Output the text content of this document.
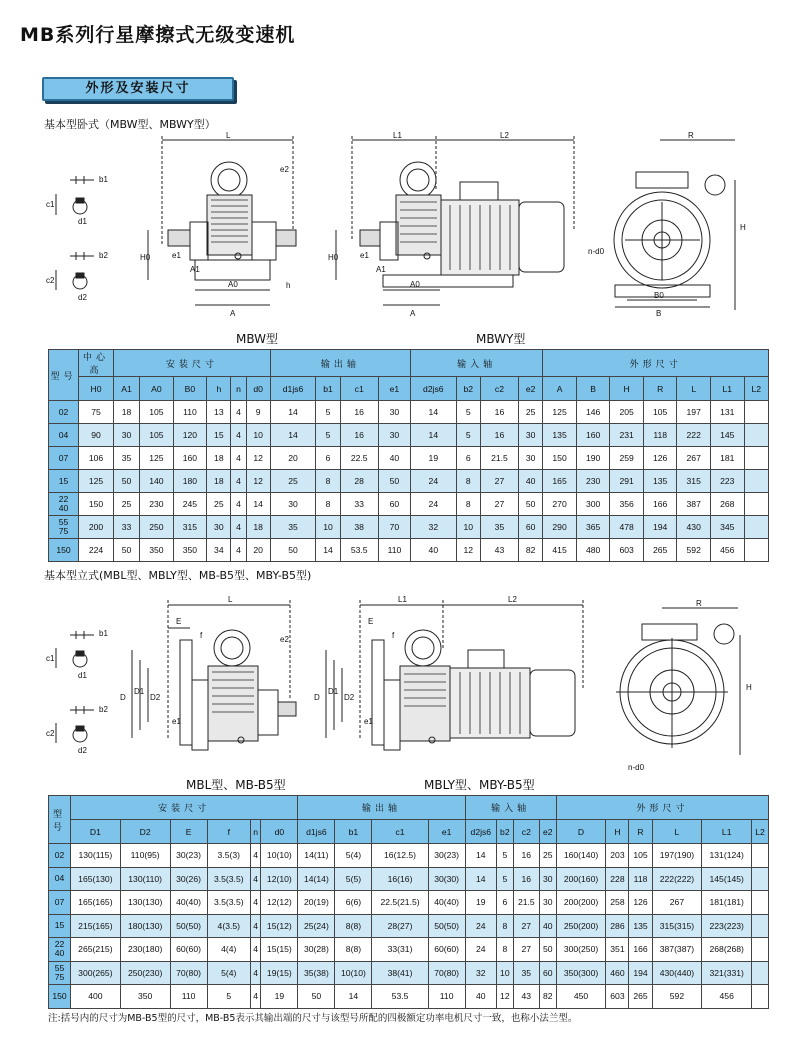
MB系列行星摩擦式无级变速机
外形及安装尺寸
基本型卧式（MBW型、MBWY型）
b1
c1
d1
b2
c2
d2
L
e2
H0	e1
A1
h
A0
A
L1	L2
H0	e1
A1
A0
A
R
H
n-d0
B0
B
MBW型	MBWY型
型号	中心高	安装尺寸						输出轴				输入轴				外形尺寸						
	H0	A1	A0	B0	h	n	d0	d1js6	b1	c1	e1	d2js6	b2	c2	e2	A	B	H	R	L	L1	L2
02	75	18	105	110	13	4	9	14	5	16	30	14	5	16	25	125	146	205	105	197	131	
04	90	30	105	120	15	4	10	14	5	16	30	14	5	16	30	135	160	231	118	222	145	
07	106	35	125	160	18	4	12	20	6	22.5	40	19	6	21.5	30	150	190	259	126	267	181	
15	125	50	140	180	18	4	12	25	8	28	50	24	8	27	40	165	230	291	135	315	223	
22
40	150	25	230	245	25	4	14	30	8	33	60	24	8	27	50	270	300	356	166	387	268	
55
75	200	33	250	315	30	4	18	35	10	38	70	32	10	35	60	290	365	478	194	430	345	
150	224	50	350	350	34	4	20	50	14	53.5	110	40	12	43	82	415	480	603	265	592	456	
基本型立式(MBL型、MBLY型、MB-B5型、MBY-B5型)
b1
c1
d1
b2
c2
d2
L
E
f	e2
D
D1
D2
e1
L1	L2
E
f
D
D1
D2
e1
R
H
n-d0
MBL型、MB-B5型	MBLY型、MBY-B5型
型号	安装尺寸						输出轴				输入轴				外形尺寸					
	D1	D2	E	f	n	d0	d1js6	b1	c1	e1	d2js6	b2	c2	e2	D	H	R	L	L1	L2
02	130(115)	110(95)	30(23)	3.5(3)	4	10(10)	14(11)	5(4)	16(12.5)	30(23)	14	5	16	25	160(140)	203	105	197(190)	131(124)	
04	165(130)	130(110)	30(26)	3.5(3.5)	4	12(10)	14(14)	5(5)	16(16)	30(30)	14	5	16	30	200(160)	228	118	222(222)	145(145)	
07	165(165)	130(130)	40(40)	3.5(3.5)	4	12(12)	20(19)	6(6)	22.5(21.5)	40(40)	19	6	21.5	30	200(200)	258	126	267	181(181)	
15	215(165)	180(130)	50(50)	4(3.5)	4	15(12)	25(24)	8(8)	28(27)	50(50)	24	8	27	40	250(200)	286	135	315(315)	223(223)	
22
40	265(215)	230(180)	60(60)	4(4)	4	15(15)	30(28)	8(8)	33(31)	60(60)	24	8	27	50	300(250)	351	166	387(387)	268(268)	
55
75	300(265)	250(230)	70(80)	5(4)	4	19(15)	35(38)	10(10)	38(41)	70(80)	32	10	35	60	350(300)	460	194	430(440)	321(331)	
150	400	350	110	5	4	19	50	14	53.5	110	40	12	43	82	450	603	265	592	456	
注:括号内的尺寸为MB-B5型的尺寸，MB-B5表示其输出端的尺寸与该型号所配的四极额定功率电机尺寸一致，也称小法兰型。
